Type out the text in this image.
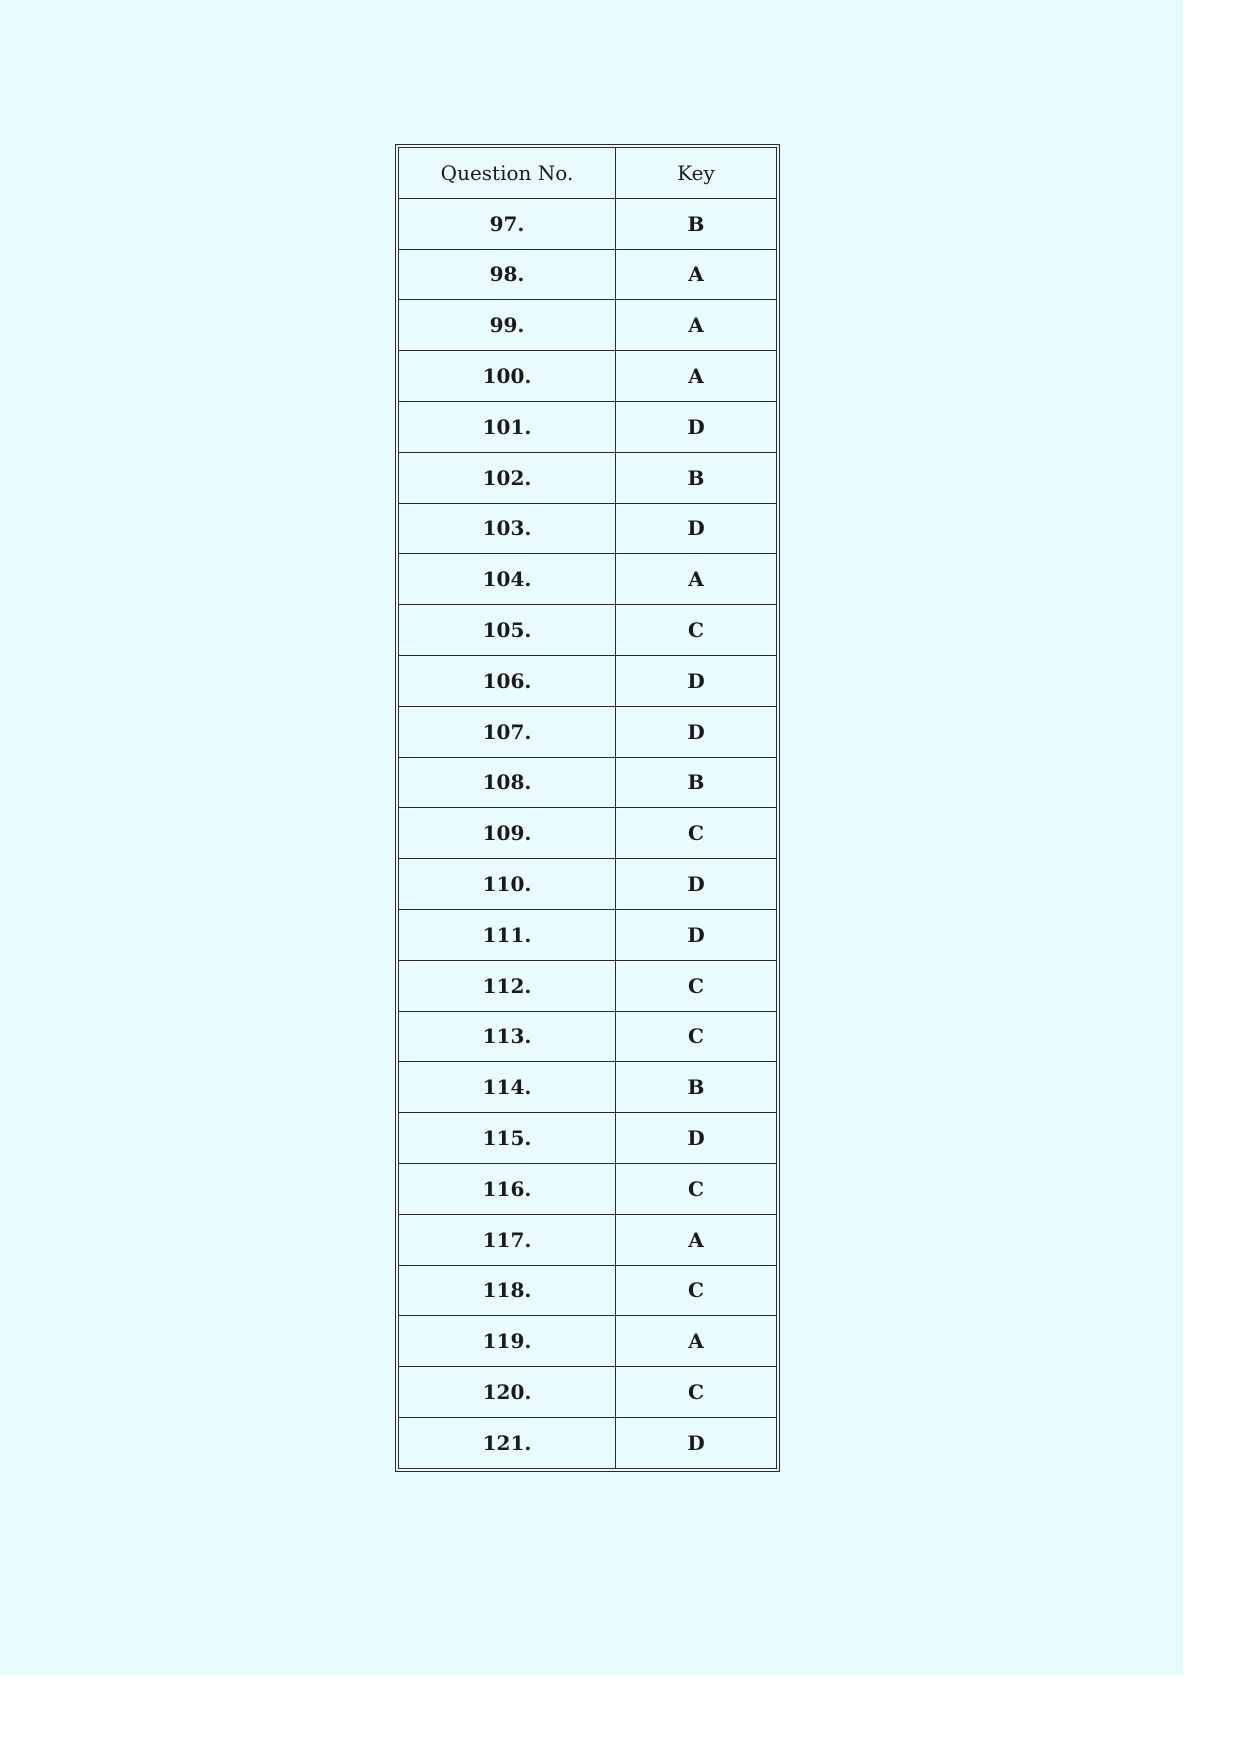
Question No.	Key
97.	B
98.	A
99.	A
100.	A
101.	D
102.	B
103.	D
104.	A
105.	C
106.	D
107.	D
108.	B
109.	C
110.	D
111.	D
112.	C
113.	C
114.	B
115.	D
116.	C
117.	A
118.	C
119.	A
120.	C
121.	D
